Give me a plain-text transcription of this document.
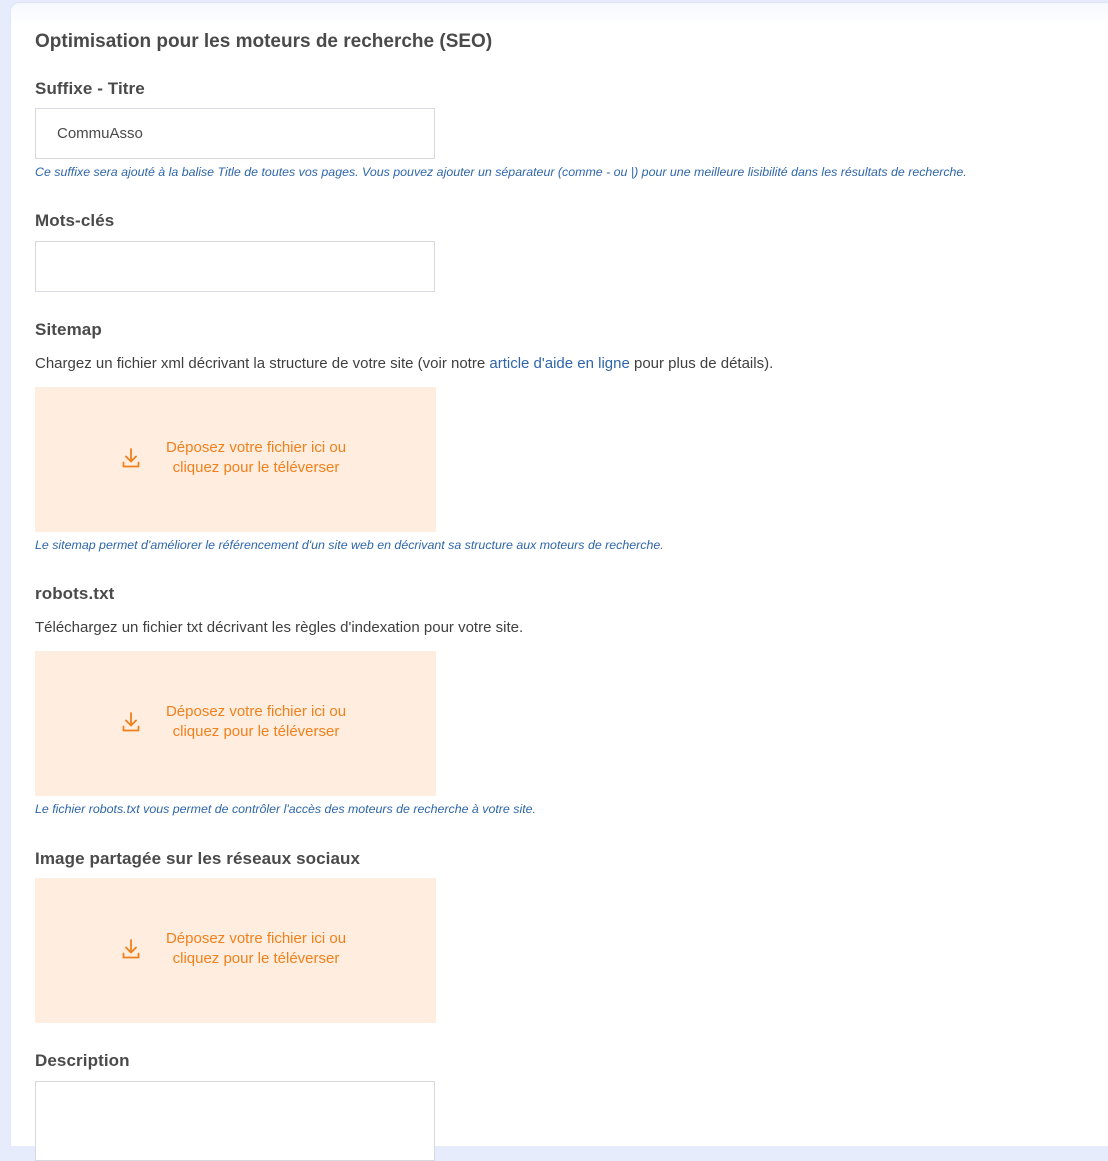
Optimisation pour les moteurs de recherche (SEO)
Suffixe - Titre
CommuAsso

Ce suffixe sera ajouté à la balise Title de toutes vos pages. Vous pouvez ajouter un séparateur (comme - ou |) pour une meilleure lisibilité dans les résultats de recherche.

Mots-clés
Sitemap

Chargez un fichier xml décrivant la structure de votre site (voir notre article d'aide en ligne pour plus de détails).

Déposez votre fichier ici ou
cliquez pour le téléverser

Le sitemap permet d'améliorer le référencement d'un site web en décrivant sa structure aux moteurs de recherche.

robots.txt

Téléchargez un fichier txt décrivant les règles d'indexation pour votre site.

Déposez votre fichier ici ou
cliquez pour le téléverser

Le fichier robots.txt vous permet de contrôler l'accès des moteurs de recherche à votre site.

Image partagée sur les réseaux sociaux

Déposez votre fichier ici ou
cliquez pour le téléverser

Description
